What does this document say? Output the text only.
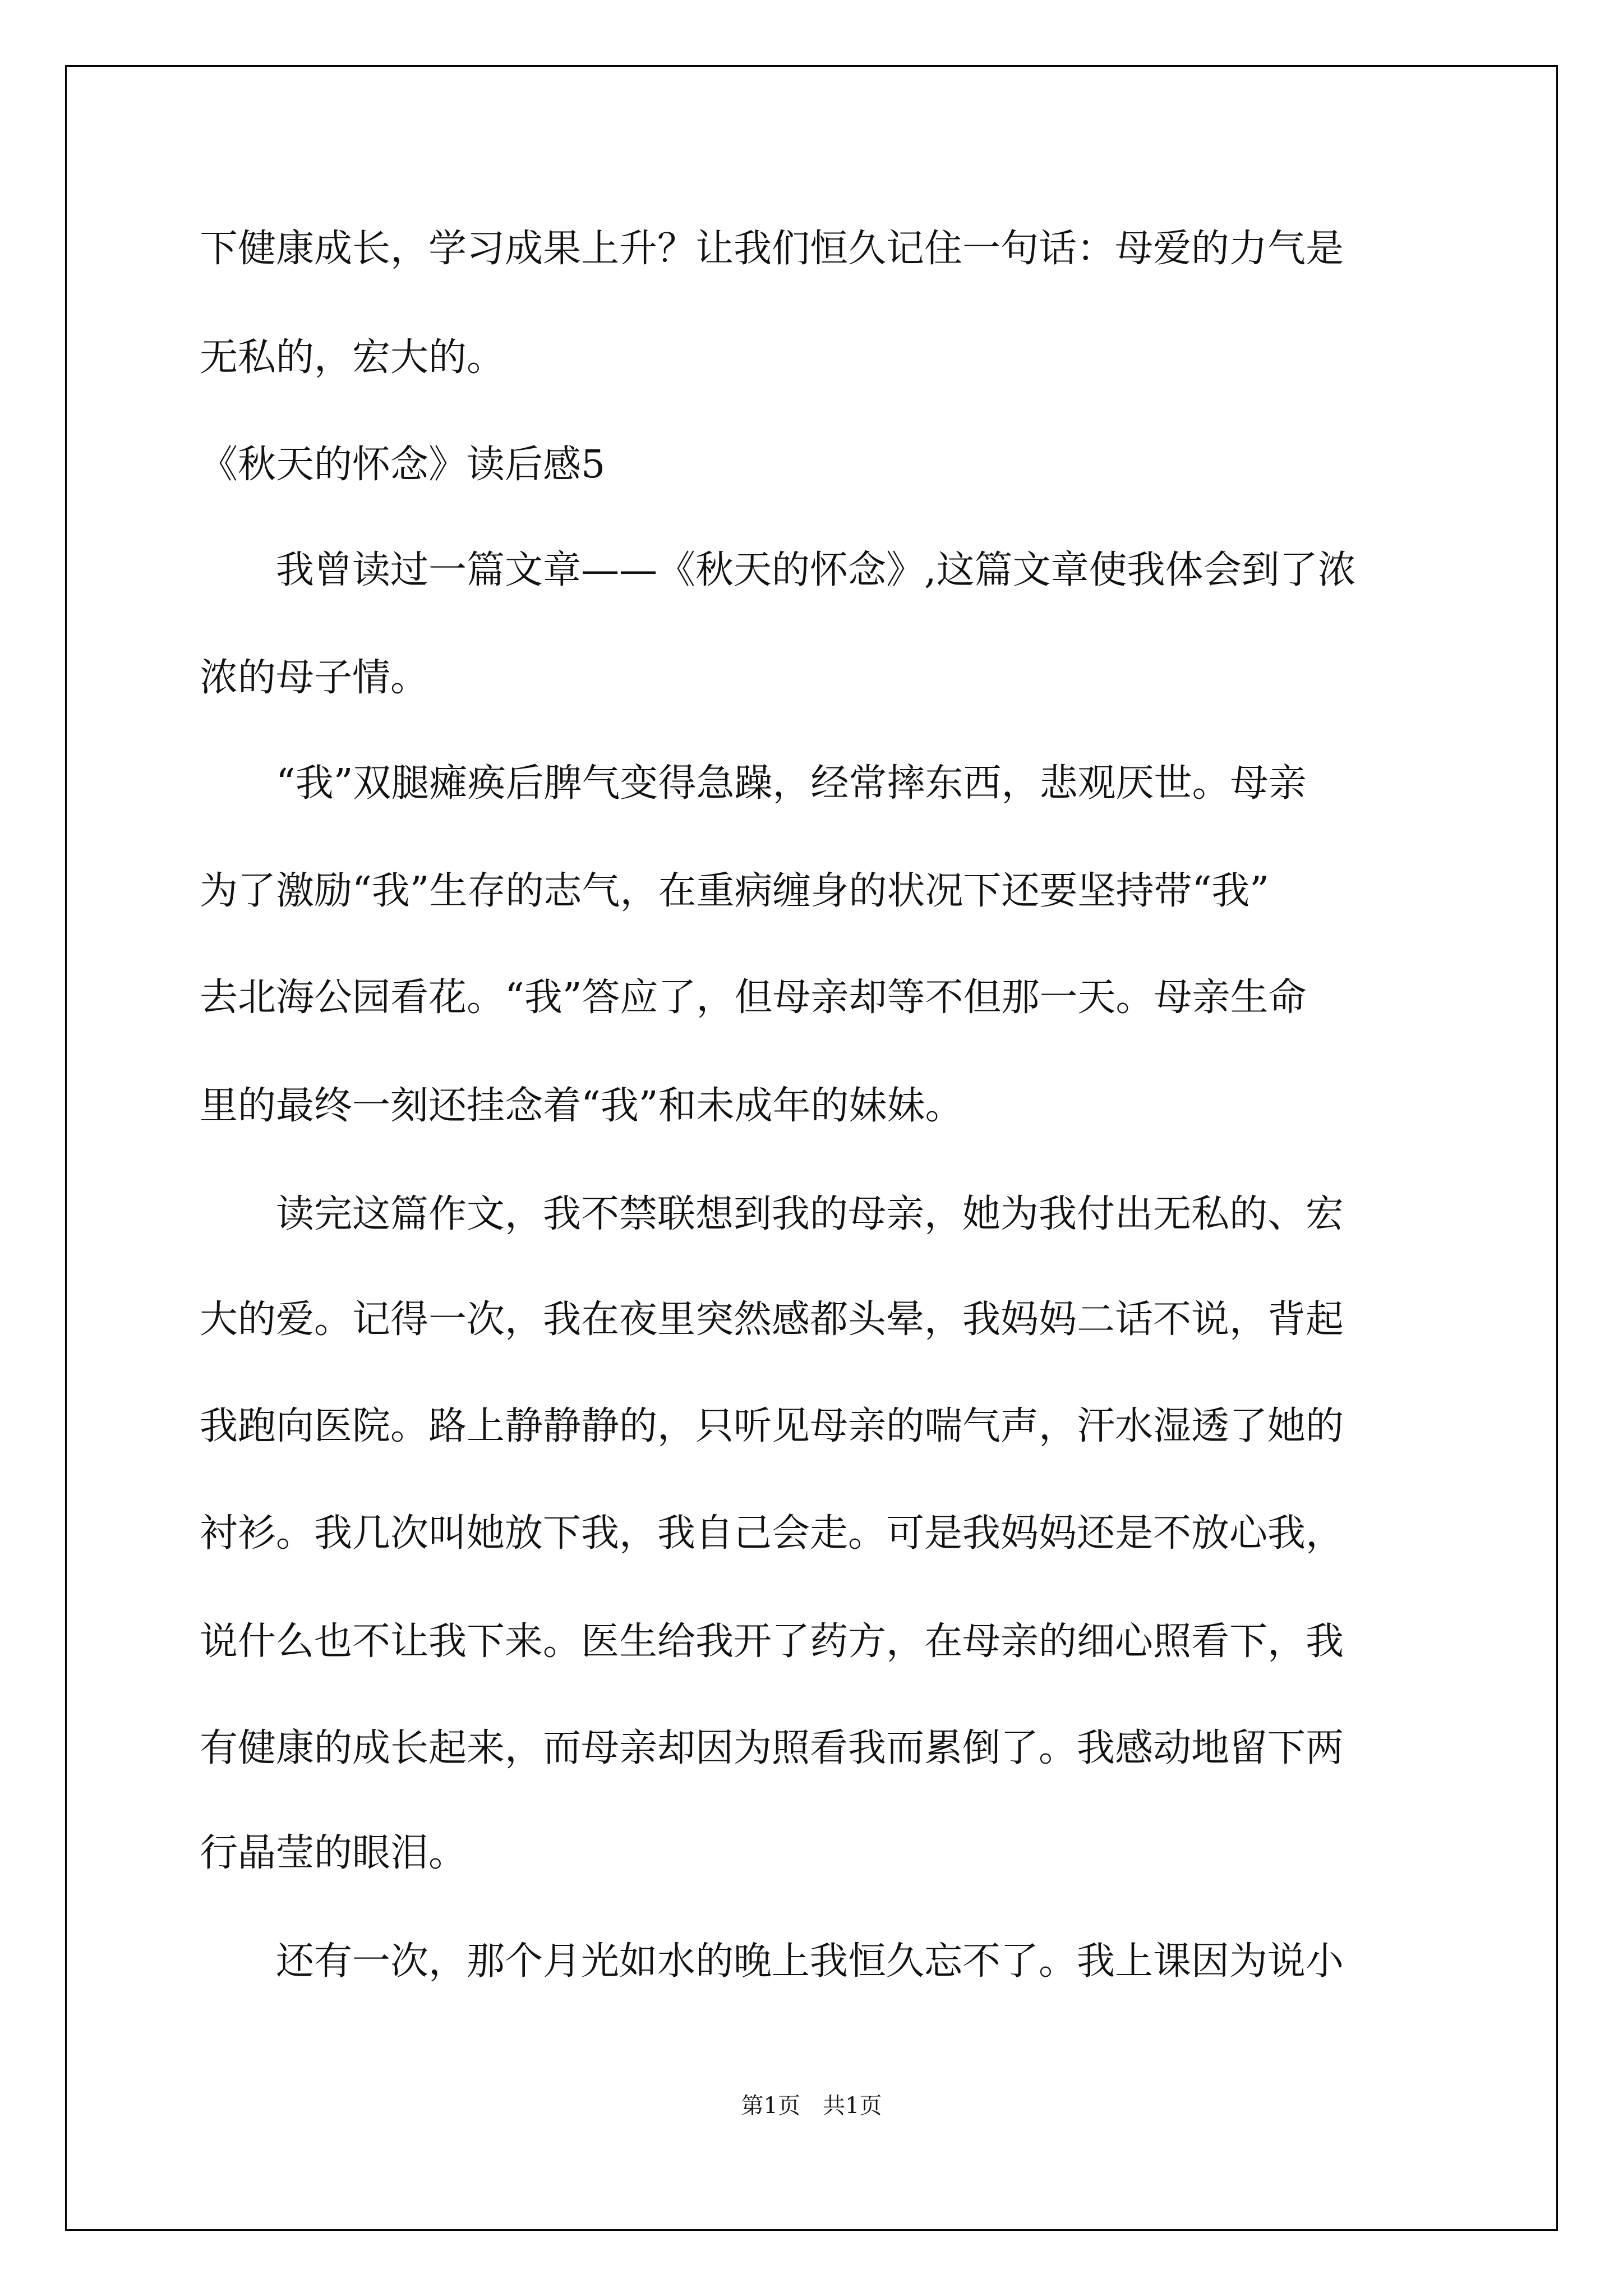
下健康成长，学习成果上升？让我们恒久记住一句话：母爱的力气是
无私的，宏大的。
《秋天的怀念》读后感5
我曾读过一篇文章——《秋天的怀念》,这篇文章使我体会到了浓
浓的母子情。
“我”双腿瘫痪后脾气变得急躁，经常摔东西，悲观厌世。母亲
为了激励“我”生存的志气，在重病缠身的状况下还要坚持带“我”
去北海公园看花。“我”答应了，但母亲却等不但那一天。母亲生命
里的最终一刻还挂念着“我”和未成年的妹妹。
读完这篇作文，我不禁联想到我的母亲，她为我付出无私的、宏
大的爱。记得一次，我在夜里突然感都头晕，我妈妈二话不说，背起
我跑向医院。路上静静静的，只听见母亲的喘气声，汗水湿透了她的
衬衫。我几次叫她放下我，我自己会走。可是我妈妈还是不放心我，
说什么也不让我下来。医生给我开了药方，在母亲的细心照看下，我
有健康的成长起来，而母亲却因为照看我而累倒了。我感动地留下两
行晶莹的眼泪。
还有一次，那个月光如水的晚上我恒久忘不了。我上课因为说小
第1页　共1页
